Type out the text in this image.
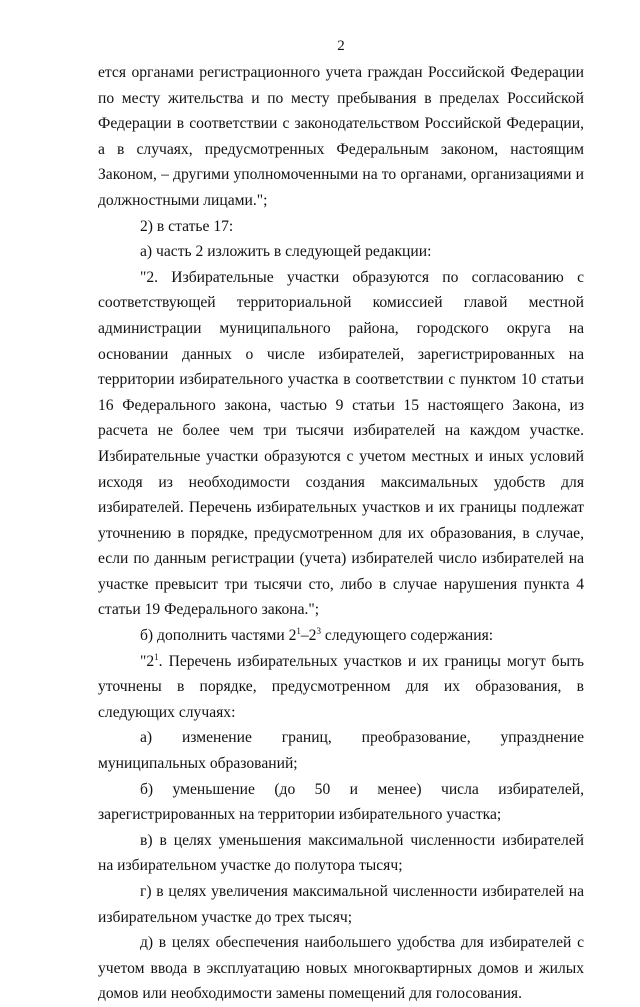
2

ется органами регистрационного учета граждан Российской Федерации по месту жительства и по месту пребывания в пределах Российской Федерации в соответствии с законодательством Российской Федерации, а в случаях, предусмотренных Федеральным законом, настоящим Законом, – другими уполномоченными на то органами, организациями и должностными лицами.";

2) в статье 17:

а) часть 2 изложить в следующей редакции:

"2. Избирательные участки образуются по согласованию с соответствующей территориальной комиссией главой местной администрации муниципального района, городского округа на основании данных о числе избирателей, зарегистрированных на территории избирательного участка в соответствии с пунктом 10 статьи 16 Федерального закона, частью 9 статьи 15 настоящего Закона, из расчета не более чем три тысячи избирателей на каждом участке. Избирательные участки образуются с учетом местных и иных условий исходя из необходимости создания максимальных удобств для избирателей. Перечень избирательных участков и их границы подлежат уточнению в порядке, предусмотренном для их образования, в случае, если по данным регистрации (учета) избирателей число избирателей на участке превысит три тысячи сто, либо в случае нарушения пункта 4 статьи 19 Федерального закона.";

б) дополнить частями $2^1-2^3$ следующего содержания:

"$2^1$. Перечень избирательных участков и их границы могут быть уточнены в порядке, предусмотренном для их образования, в следующих случаях:

а) изменение границ, преобразование, упразднение муниципальных образований;

б) уменьшение (до 50 и менее) числа избирателей, зарегистрированных на территории избирательного участка;

в) в целях уменьшения максимальной численности избирателей на избирательном участке до полутора тысяч;

г) в целях увеличения максимальной численности избирателей на избирательном участке до трех тысяч;

д) в целях обеспечения наибольшего удобства для избирателей с учетом ввода в эксплуатацию новых многоквартирных домов и жилых домов или необходимости замены помещений для голосования.
